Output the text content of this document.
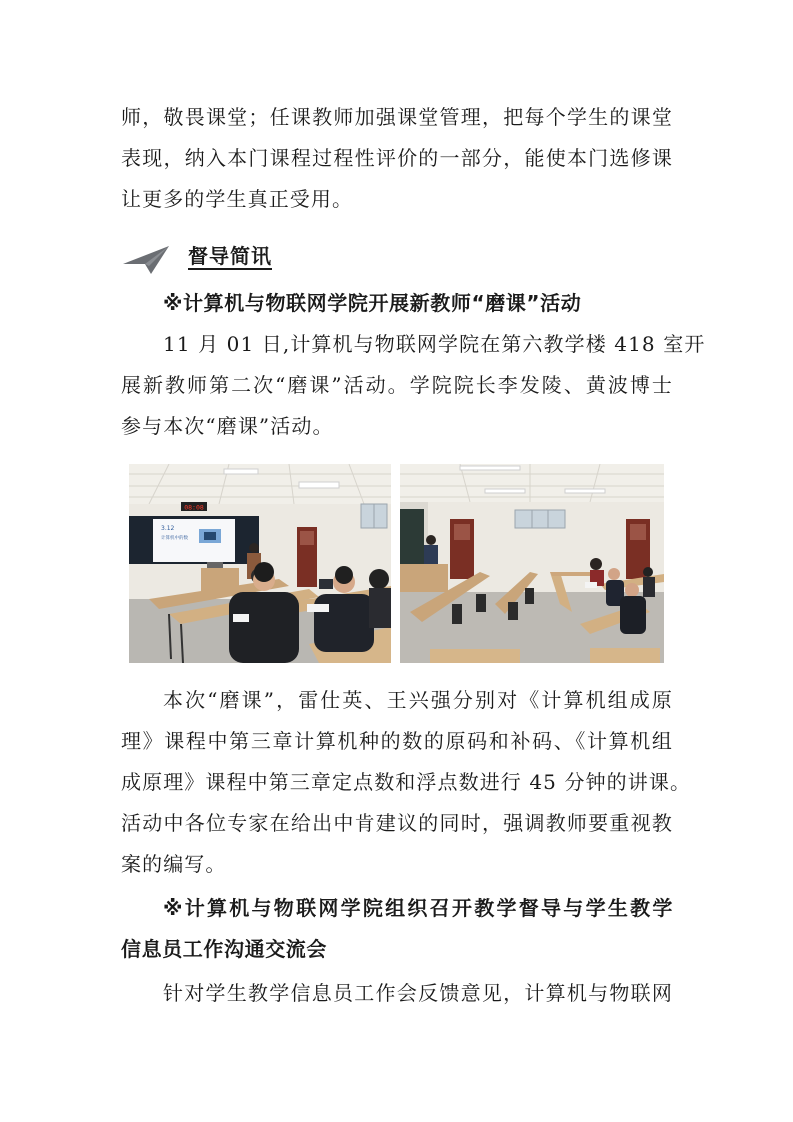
师，敬畏课堂；任课教师加强课堂管理，把每个学生的课堂
表现，纳入本门课程过程性评价的一部分，能使本门选修课
让更多的学生真正受用。
督导简讯
※计算机与物联网学院开展新教师“磨课”活动
11 月 01 日,计算机与物联网学院在第六教学楼 418 室开
展新教师第二次“磨课”活动。学院院长李发陵、黄波博士
参与本次“磨课”活动。
08:08
3.12
计算机中的数
本次“磨课”，雷仕英、王兴强分别对《计算机组成原
理》课程中第三章计算机种的数的原码和补码、《计算机组
成原理》课程中第三章定点数和浮点数进行 45 分钟的讲课。
活动中各位专家在给出中肯建议的同时，强调教师要重视教
案的编写。
※计算机与物联网学院组织召开教学督导与学生教学
信息员工作沟通交流会
针对学生教学信息员工作会反馈意见，计算机与物联网
